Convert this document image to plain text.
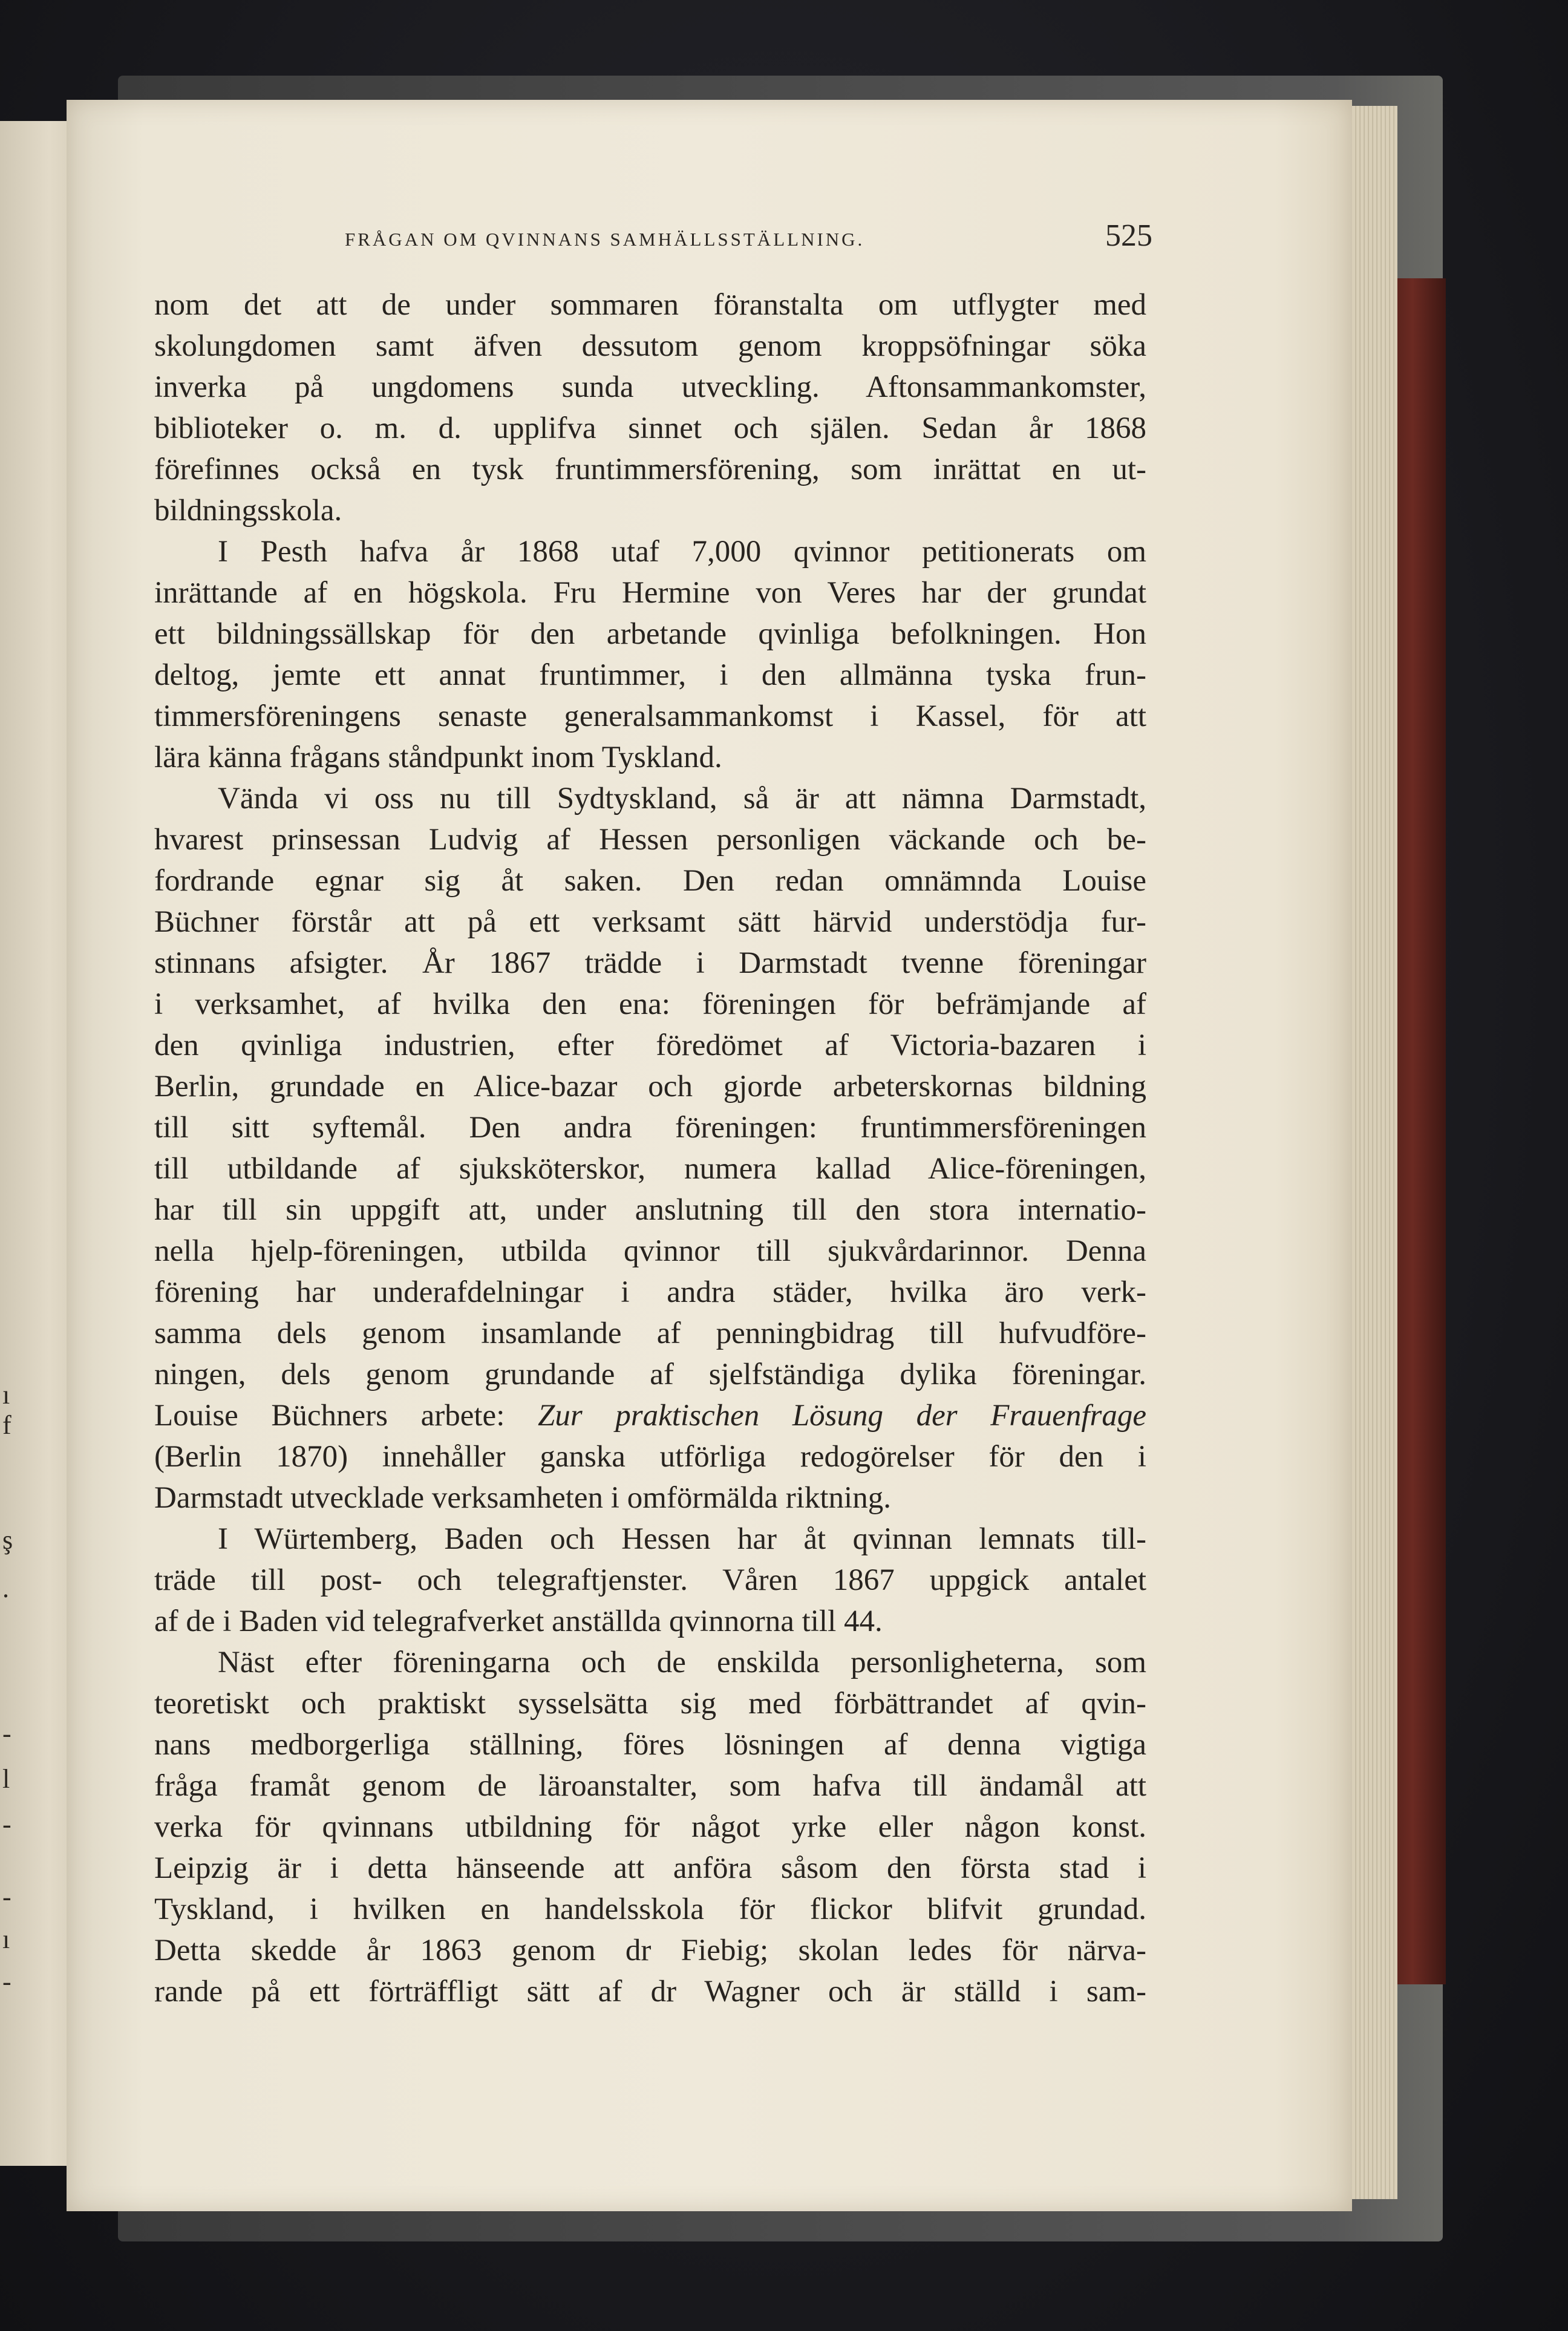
ı
f
ş
.
-
l
-
-
ı
-
FRÅGAN OM QVINNANS SAMHÄLLSSTÄLLNING.	525
nom det att de under sommaren föranstalta om utflygter med
skolungdomen samt äfven dessutom genom kroppsöfningar söka
inverka på ungdomens sunda utveckling. Aftonsammankomster,
biblioteker o. m. d. upplifva sinnet och själen. Sedan år 1868
förefinnes också en tysk fruntimmersförening, som inrättat en ut-
bildningsskola.
I Pesth hafva år 1868 utaf 7,000 qvinnor petitionerats om
inrättande af en högskola. Fru Hermine von Veres har der grundat
ett bildningssällskap för den arbetande qvinliga befolkningen. Hon
deltog, jemte ett annat fruntimmer, i den allmänna tyska frun-
timmersföreningens senaste generalsammankomst i Kassel, för att
lära känna frågans ståndpunkt inom Tyskland.
Vända vi oss nu till Sydtyskland, så är att nämna Darmstadt,
hvarest prinsessan Ludvig af Hessen personligen väckande och be-
fordrande egnar sig åt saken. Den redan omnämnda Louise
Büchner förstår att på ett verksamt sätt härvid understödja fur-
stinnans afsigter. År 1867 trädde i Darmstadt tvenne föreningar
i verksamhet, af hvilka den ena: föreningen för befrämjande af
den qvinliga industrien, efter föredömet af Victoria-bazaren i
Berlin, grundade en Alice-bazar och gjorde arbeterskornas bildning
till sitt syftemål. Den andra föreningen: fruntimmersföreningen
till utbildande af sjuksköterskor, numera kallad Alice-föreningen,
har till sin uppgift att, under anslutning till den stora internatio-
nella hjelp-föreningen, utbilda qvinnor till sjukvårdarinnor. Denna
förening har underafdelningar i andra städer, hvilka äro verk-
samma dels genom insamlande af penningbidrag till hufvudföre-
ningen, dels genom grundande af sjelfständiga dylika föreningar.
Louise Büchners arbete: Zur praktischen Lösung der Frauenfrage
(Berlin 1870) innehåller ganska utförliga redogörelser för den i
Darmstadt utvecklade verksamheten i omförmälda riktning.
I Würtemberg, Baden och Hessen har åt qvinnan lemnats till-
träde till post- och telegraftjenster. Våren 1867 uppgick antalet
af de i Baden vid telegrafverket anställda qvinnorna till 44.
Näst efter föreningarna och de enskilda personligheterna, som
teoretiskt och praktiskt sysselsätta sig med förbättrandet af qvin-
nans medborgerliga ställning, föres lösningen af denna vigtiga
fråga framåt genom de läroanstalter, som hafva till ändamål att
verka för qvinnans utbildning för något yrke eller någon konst.
Leipzig är i detta hänseende att anföra såsom den första stad i
Tyskland, i hvilken en handelsskola för flickor blifvit grundad.
Detta skedde år 1863 genom dr Fiebig; skolan ledes för närva-
rande på ett förträffligt sätt af dr Wagner och är ställd i sam-
